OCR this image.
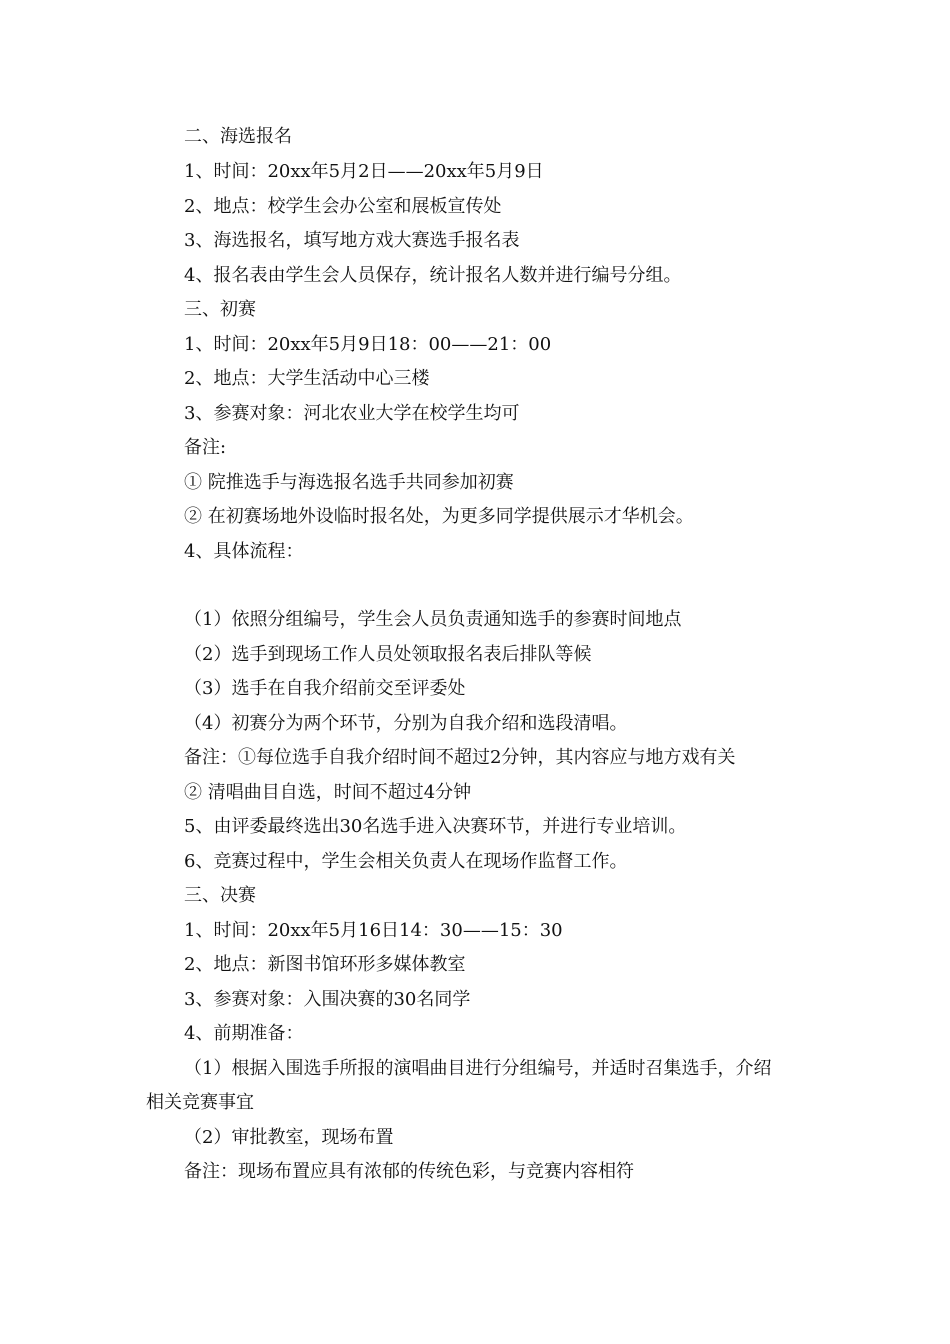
二、海选报名
1、时间：20xx年5月2日——20xx年5月9日
2、地点：校学生会办公室和展板宣传处
3、海选报名，填写地方戏大赛选手报名表
4、报名表由学生会人员保存，统计报名人数并进行编号分组。
三、初赛
1、时间：20xx年5月9日18：00——21：00
2、地点：大学生活动中心三楼
3、参赛对象：河北农业大学在校学生均可
备注:
① 院推选手与海选报名选手共同参加初赛
② 在初赛场地外设临时报名处，为更多同学提供展示才华机会。
4、具体流程：
（1）依照分组编号，学生会人员负责通知选手的参赛时间地点
（2）选手到现场工作人员处领取报名表后排队等候
（3）选手在自我介绍前交至评委处
（4）初赛分为两个环节，分别为自我介绍和选段清唱。
备注：①每位选手自我介绍时间不超过2分钟，其内容应与地方戏有关
② 清唱曲目自选，时间不超过4分钟
5、由评委最终选出30名选手进入决赛环节，并进行专业培训。
6、竞赛过程中，学生会相关负责人在现场作监督工作。
三、决赛
1、时间：20xx年5月16日14：30——15：30
2、地点：新图书馆环形多媒体教室
3、参赛对象：入围决赛的30名同学
4、前期准备：
（1）根据入围选手所报的演唱曲目进行分组编号，并适时召集选手，介绍
相关竞赛事宜
（2）审批教室，现场布置
备注：现场布置应具有浓郁的传统色彩，与竞赛内容相符
